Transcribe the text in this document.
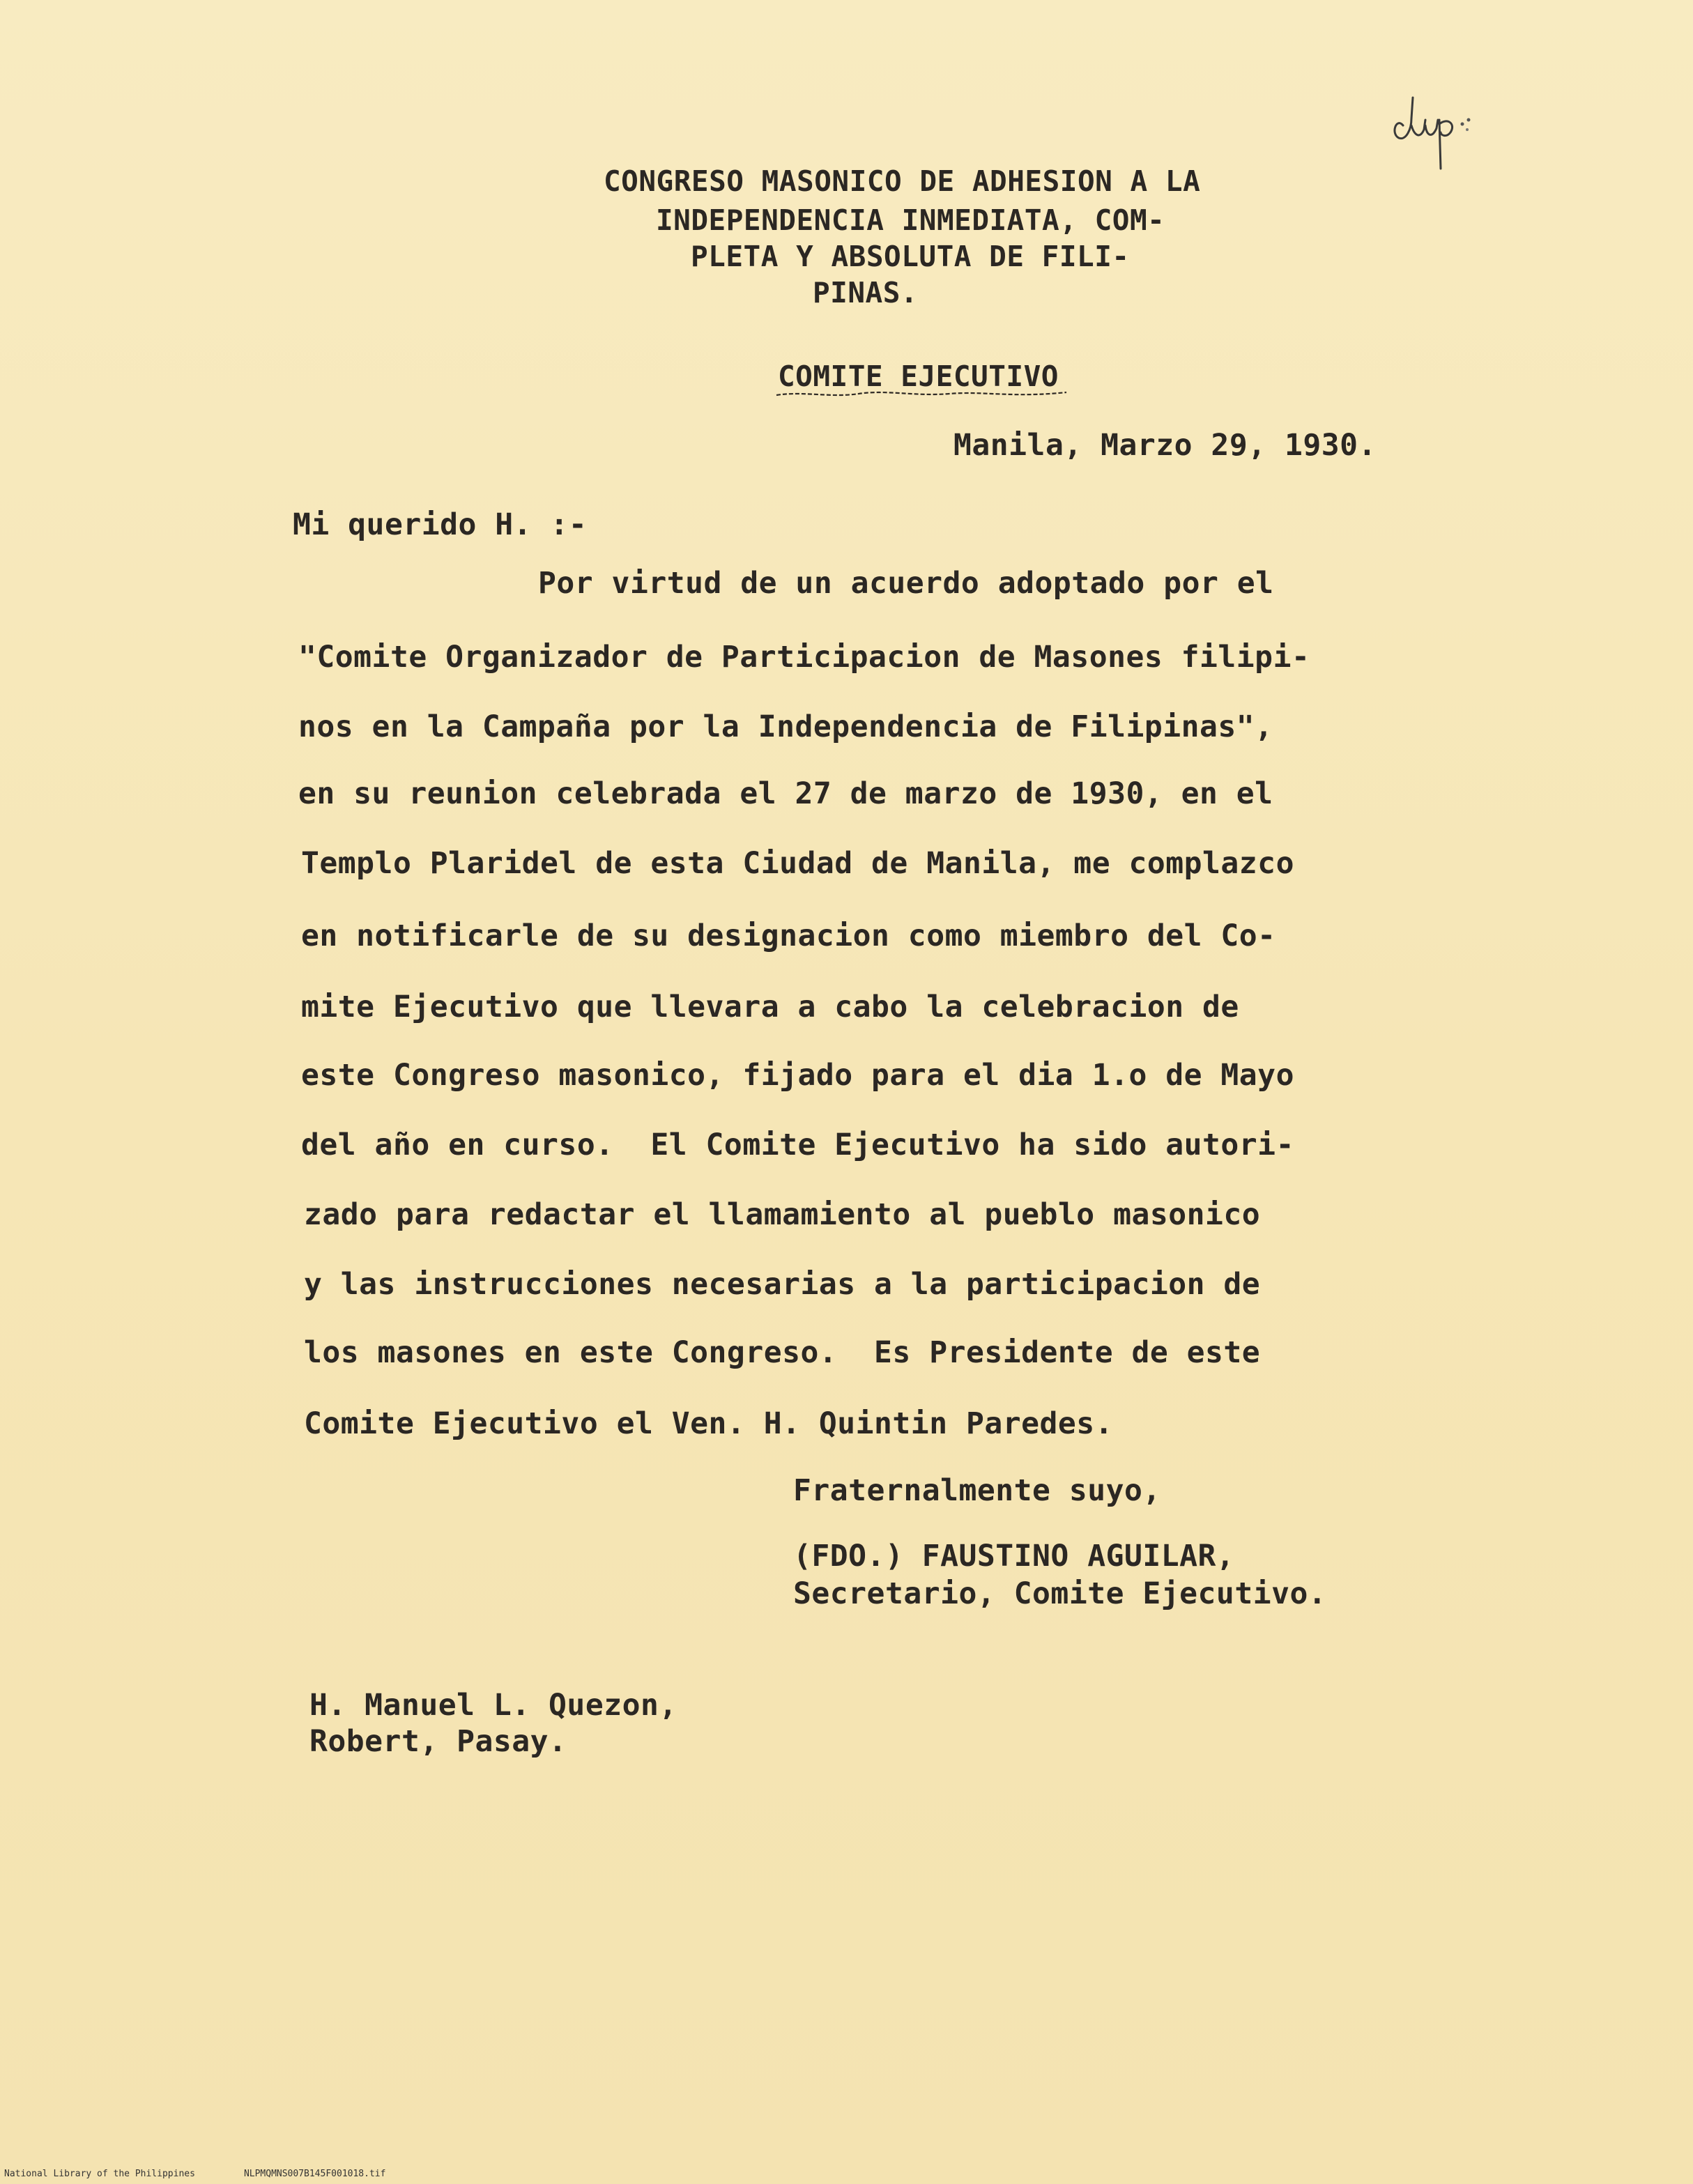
CONGRESO MASONICO DE ADHESION A LA
INDEPENDENCIA INMEDIATA, COM-
PLETA Y ABSOLUTA DE FILI-
PINAS.
COMITE EJECUTIVO
Manila, Marzo 29, 1930.
Mi querido H. :-
Por virtud de un acuerdo adoptado por el
"Comite Organizador de Participacion de Masones filipi-
nos en la Campaña por la Independencia de Filipinas",
en su reunion celebrada el 27 de marzo de 1930, en el
Templo Plaridel de esta Ciudad de Manila, me complazco
en notificarle de su designacion como miembro del Co-
mite Ejecutivo que llevara a cabo la celebracion de
este Congreso masonico, fijado para el dia 1.o de Mayo
del año en curso.  El Comite Ejecutivo ha sido autori-
zado para redactar el llamamiento al pueblo masonico
y las instrucciones necesarias a la participacion de
los masones en este Congreso.  Es Presidente de este
Comite Ejecutivo el Ven. H. Quintin Paredes.
Fraternalmente suyo,
(FDO.) FAUSTINO AGUILAR,
Secretario, Comite Ejecutivo.
H. Manuel L. Quezon,
Robert, Pasay.
National Library of the Philippines	NLPMQMNS007B145F001018.tif
